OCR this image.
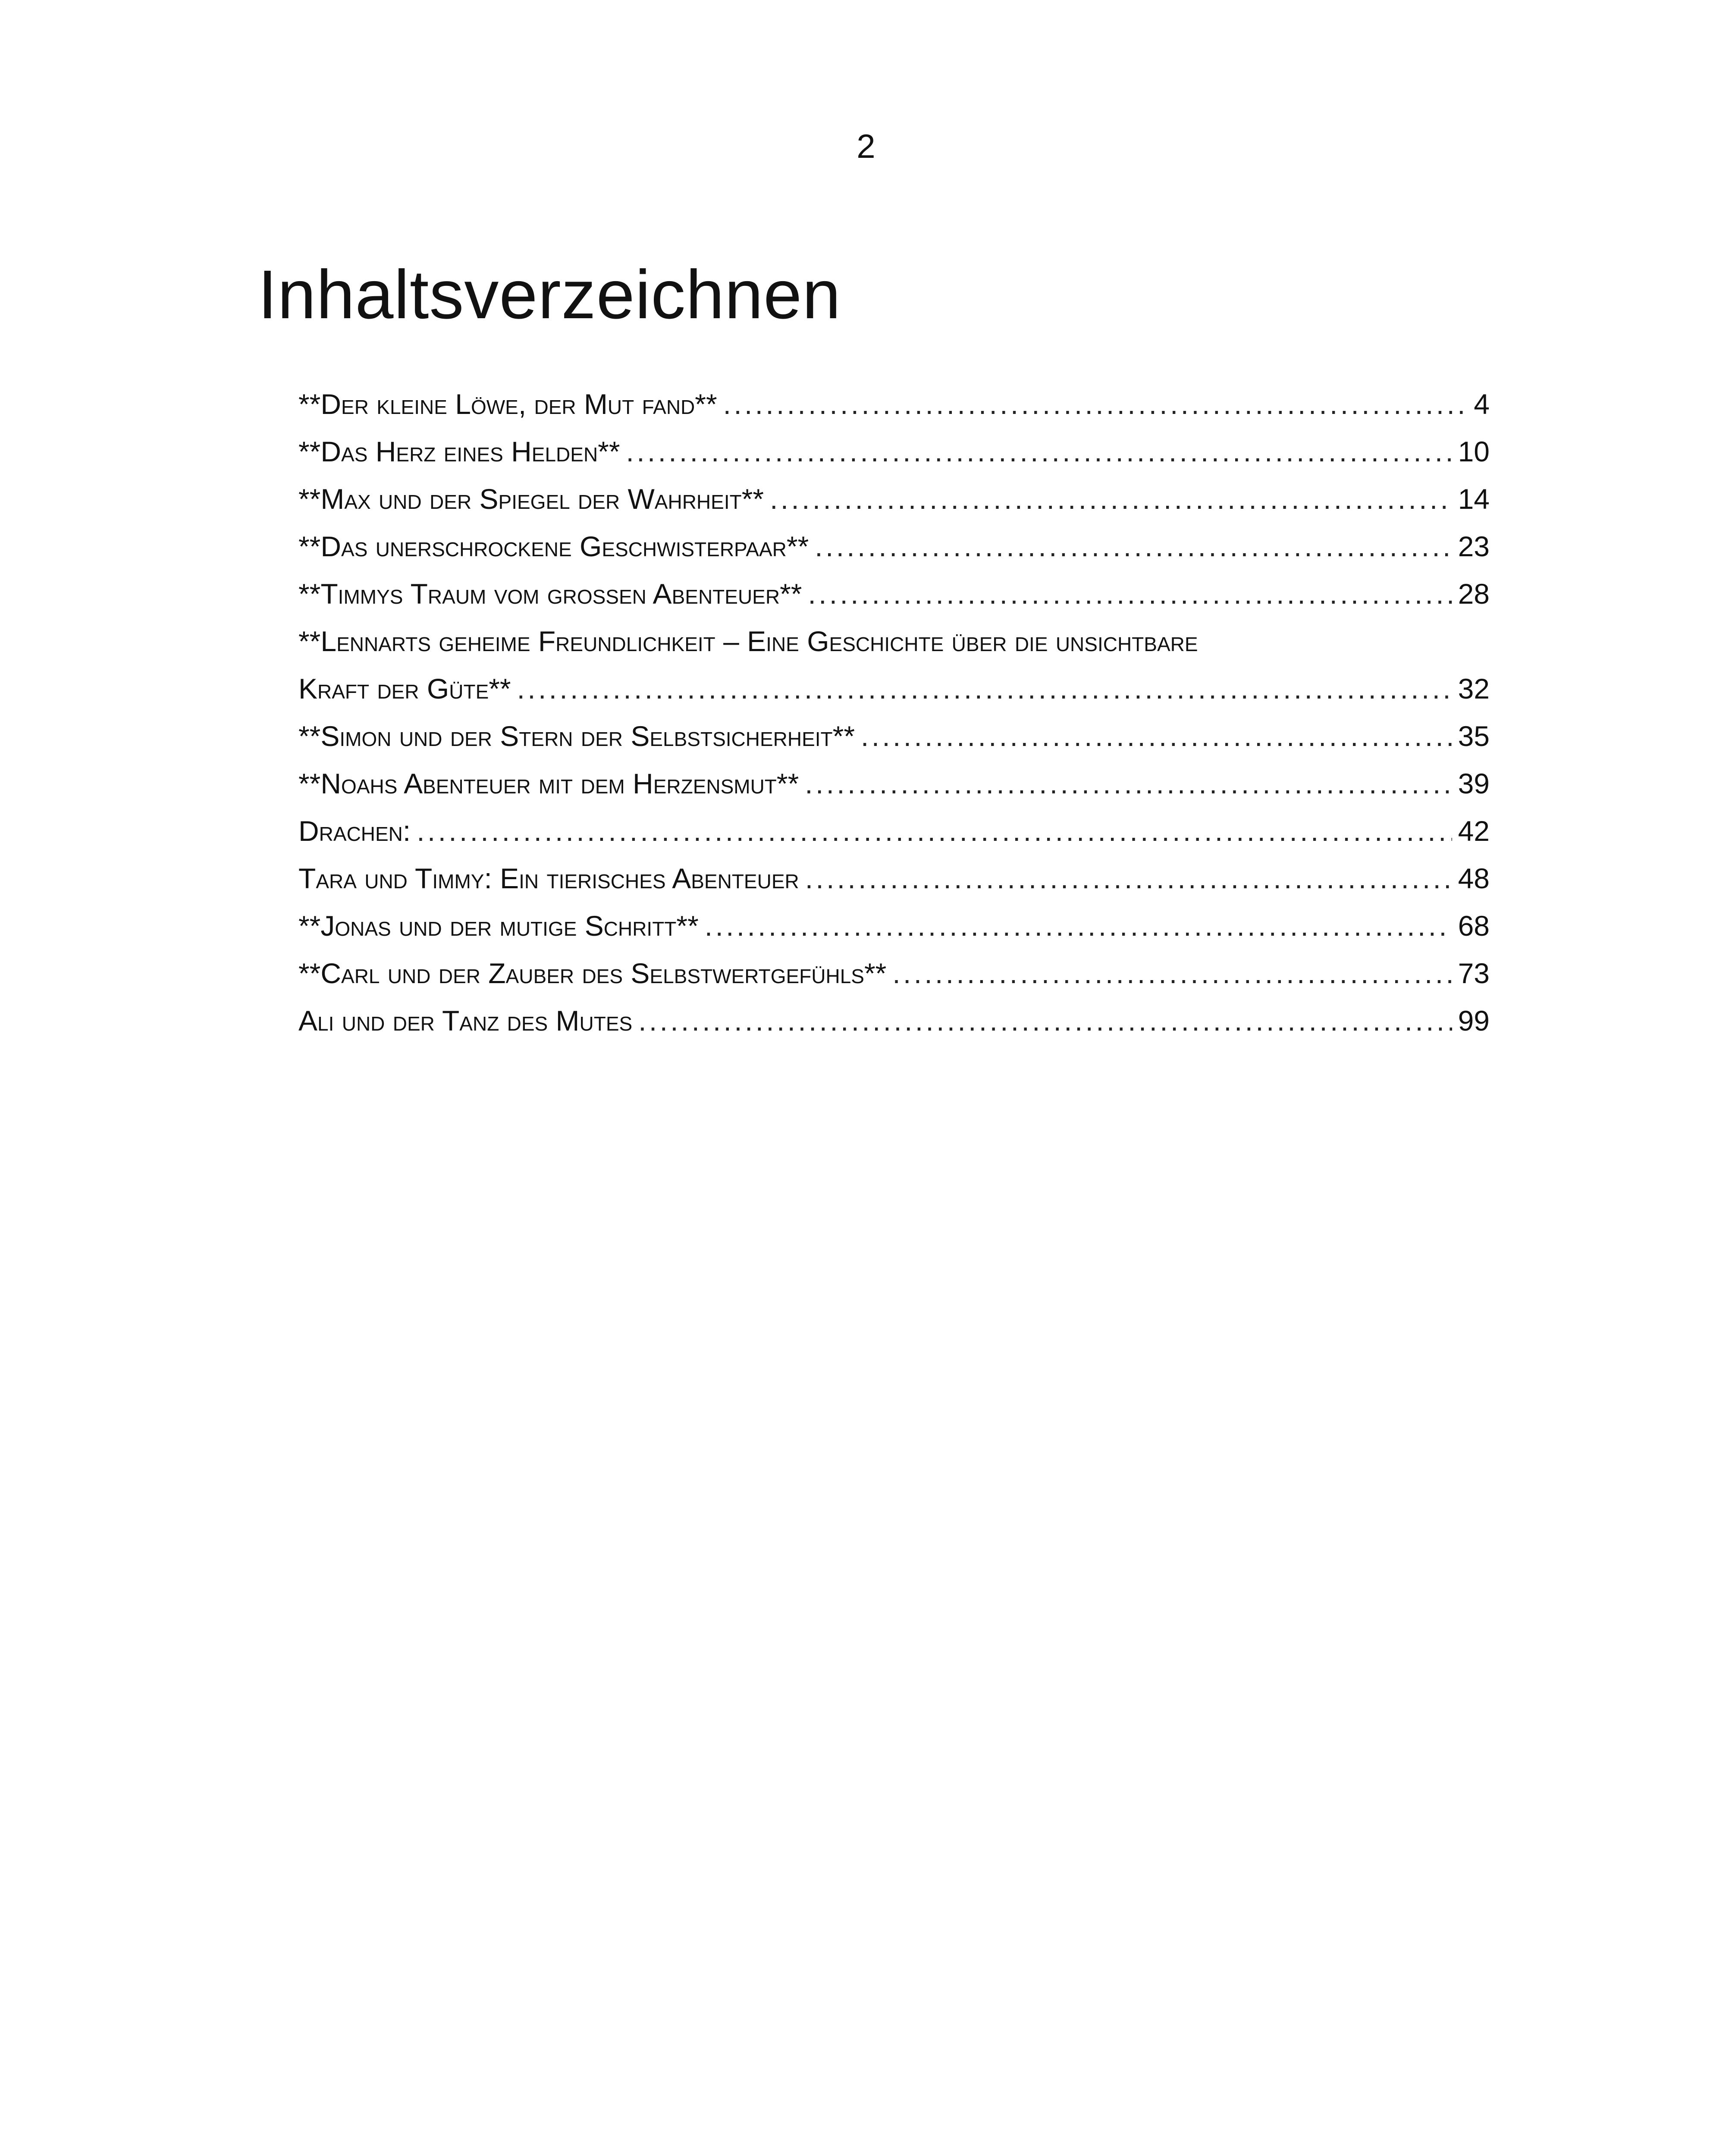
2
Inhaltsverzeichnen
**Der kleine Löwe, der Mut fand** . . .	4
**Das Herz eines Helden** . . .	10
**Max und der Spiegel der Wahrheit** . . .	14
**Das unerschrockene Geschwisterpaar** . . .	23
**Timmys Traum vom großen Abenteuer** . . .	28
**Lennarts geheime Freundlichkeit – Eine Geschichte über die unsichtbare
Kraft der Güte** . . .	32
**Simon und der Stern der Selbstsicherheit** . . .	35
**Noahs Abenteuer mit dem Herzensmut** . . .	39
Drachen: . . .	42
Tara und Timmy: Ein tierisches Abenteuer . . .	48
**Jonas und der mutige Schritt** . . .	68
**Carl und der Zauber des Selbstwertgefühls** . . .	73
Ali und der Tanz des Mutes . . .	99
